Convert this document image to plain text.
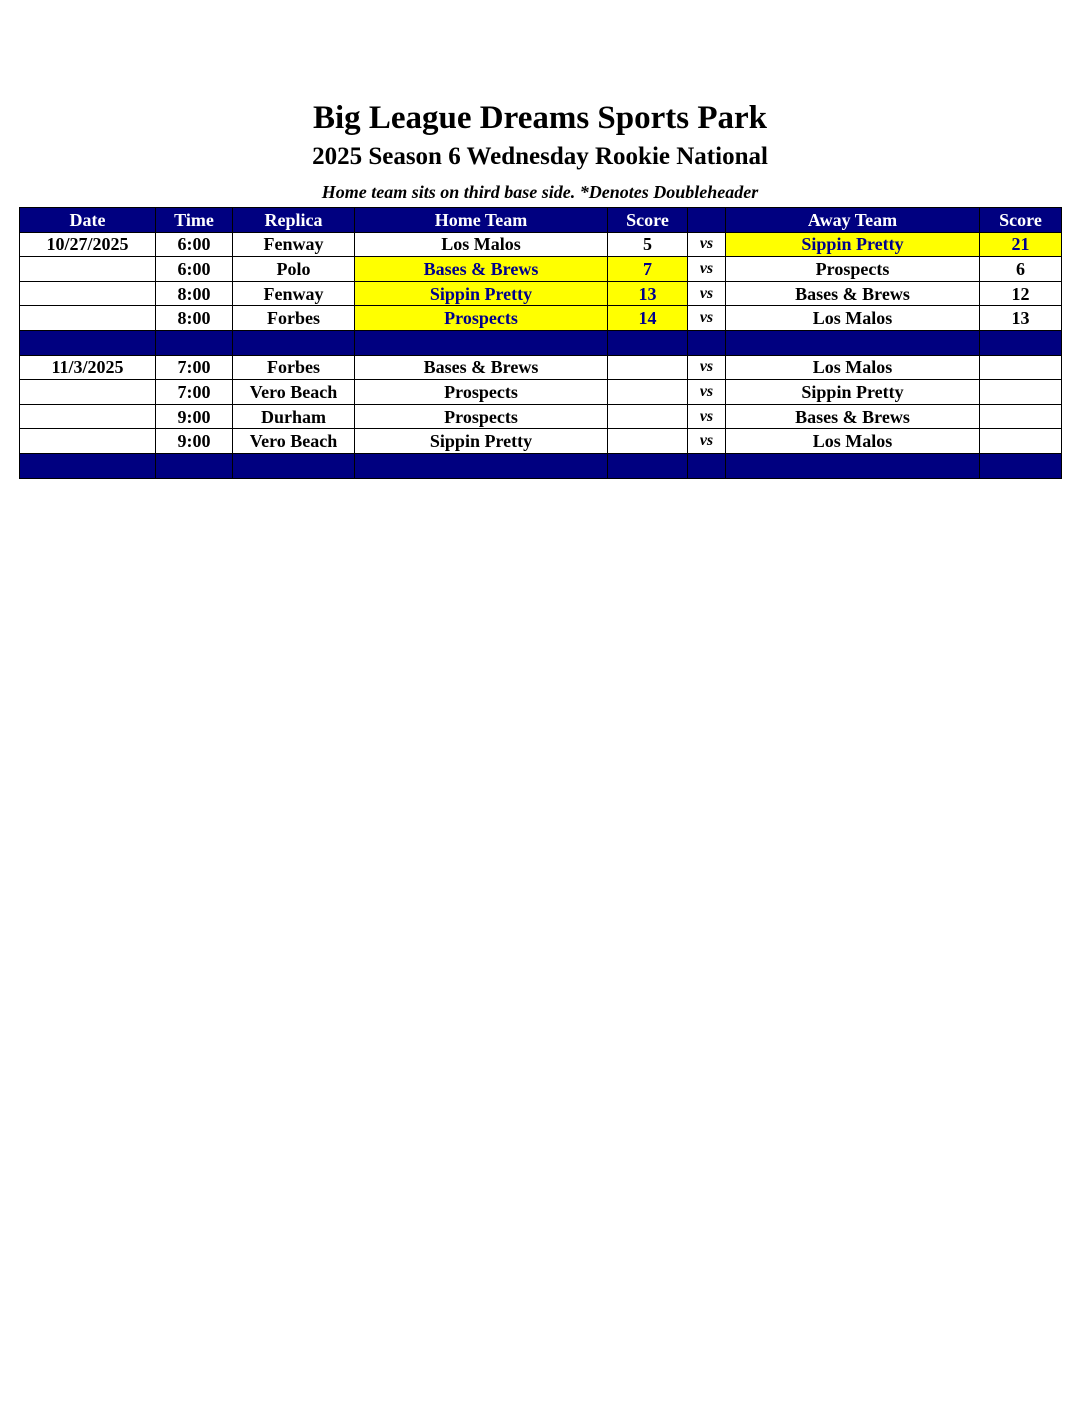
Big League Dreams Sports Park
2025 Season 6 Wednesday Rookie National
Home team sits on third base side. *Denotes Doubleheader
Date	Time	Replica	Home Team	Score		Away Team	Score
10/27/2025	6:00	Fenway	Los Malos	5	vs	Sippin Pretty	21
	6:00	Polo	Bases & Brews	7	vs	Prospects	6
	8:00	Fenway	Sippin Pretty	13	vs	Bases & Brews	12
	8:00	Forbes	Prospects	14	vs	Los Malos	13

11/3/2025	7:00	Forbes	Bases & Brews		vs	Los Malos	
	7:00	Vero Beach	Prospects		vs	Sippin Pretty	
	9:00	Durham	Prospects		vs	Bases & Brews	
	9:00	Vero Beach	Sippin Pretty		vs	Los Malos	
